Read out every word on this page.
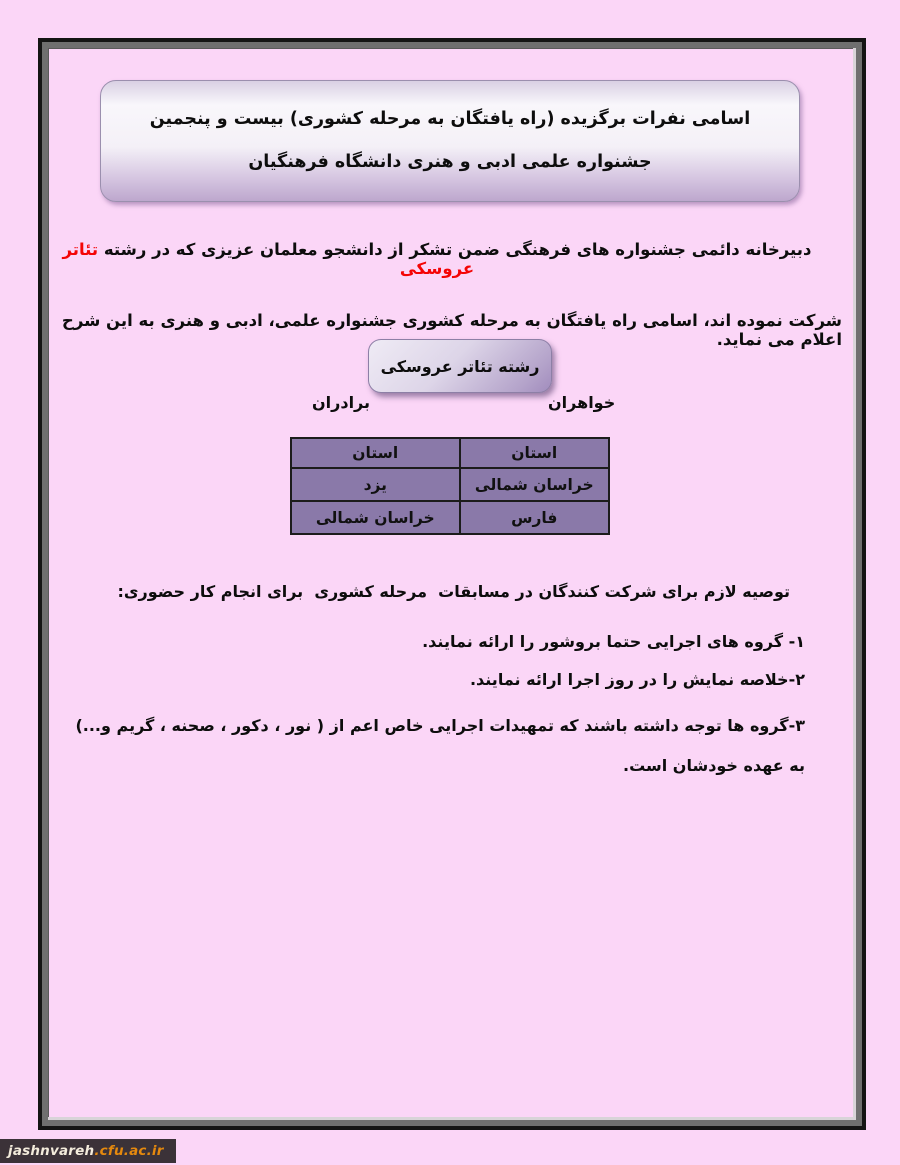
اسامی نفرات برگزیده (راه یافتگان به مرحله کشوری) بیست و پنجمین
جشنواره علمی ادبی و هنری دانشگاه فرهنگیان

دبیرخانه دائمی جشنواره های فرهنگی ضمن تشکر از دانشجو معلمان عزیزی که در رشته تئاتر عروسکی

شرکت نموده اند، اسامی راه یافتگان به مرحله کشوری جشنواره علمی، ادبی و هنری به این شرح اعلام می نماید.

رشته تئاتر عروسکی
خواهران
برادران
استان	استان
خراسان شمالی	یزد
فارس	خراسان شمالی
توصیه لازم برای شرکت کنندگان در مسابقات  مرحله کشوری  برای انجام کار حضوری:
۱- گروه های اجرایی حتما بروشور را ارائه نمایند.
۲-خلاصه نمایش را در روز اجرا ارائه نمایند.
۳-گروه ها توجه داشته باشند که تمهیدات اجرایی خاص اعم از ( نور ، دکور ، صحنه ، گریم و...) به عهده خودشان است.
jashnvareh .cfu.ac.ir
